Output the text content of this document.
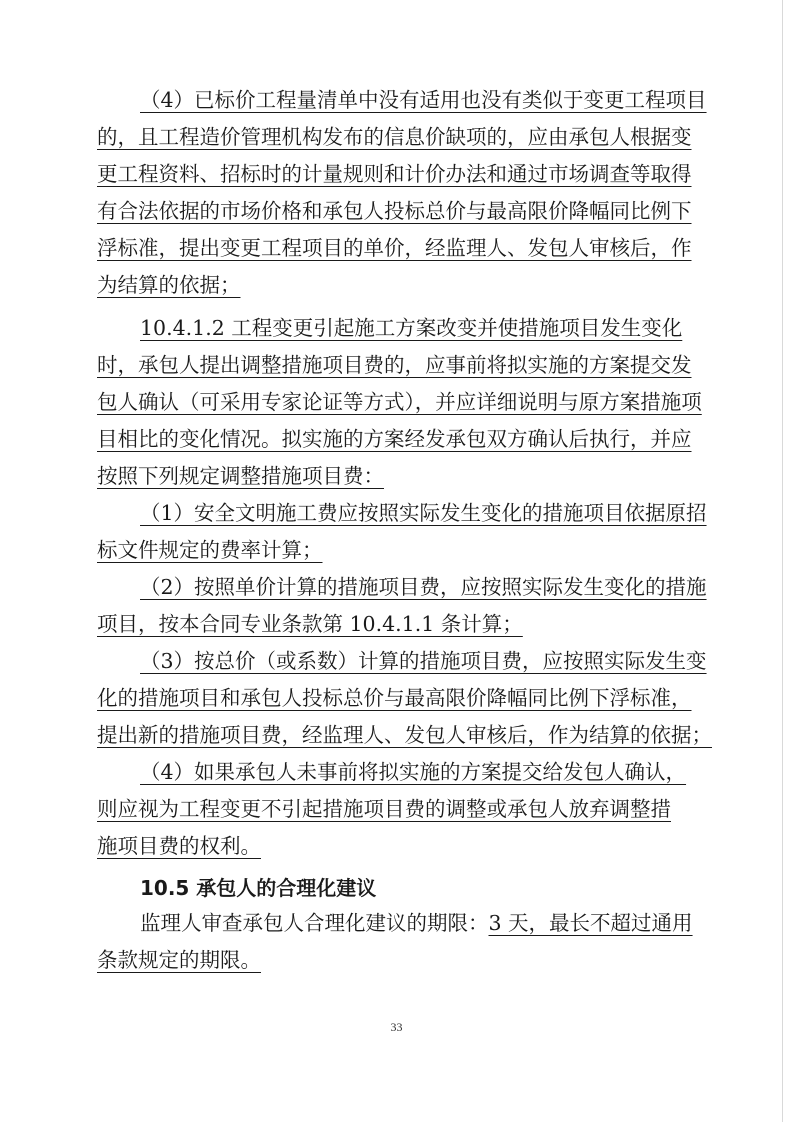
（4）已标价工程量清单中没有适用也没有类似于变更工程项目
的，且工程造价管理机构发布的信息价缺项的，应由承包人根据变
更工程资料、招标时的计量规则和计价办法和通过市场调查等取得
有合法依据的市场价格和承包人投标总价与最高限价降幅同比例下
浮标准，提出变更工程项目的单价，经监理人、发包人审核后，作
为结算的依据；
10.4.1.2 工程变更引起施工方案改变并使措施项目发生变化
时，承包人提出调整措施项目费的，应事前将拟实施的方案提交发
包人确认（可采用专家论证等方式），并应详细说明与原方案措施项
目相比的变化情况。拟实施的方案经发承包双方确认后执行，并应
按照下列规定调整措施项目费：
（1）安全文明施工费应按照实际发生变化的措施项目依据原招
标文件规定的费率计算；
（2）按照单价计算的措施项目费，应按照实际发生变化的措施
项目，按本合同专业条款第 10.4.1.1 条计算；
（3）按总价（或系数）计算的措施项目费，应按照实际发生变
化的措施项目和承包人投标总价与最高限价降幅同比例下浮标准，
提出新的措施项目费，经监理人、发包人审核后，作为结算的依据；
（4）如果承包人未事前将拟实施的方案提交给发包人确认，
则应视为工程变更不引起措施项目费的调整或承包人放弃调整措
施项目费的权利。
10.5 承包人的合理化建议
监理人审查承包人合理化建议的期限：3 天，最长不超过通用
条款规定的期限。
33
